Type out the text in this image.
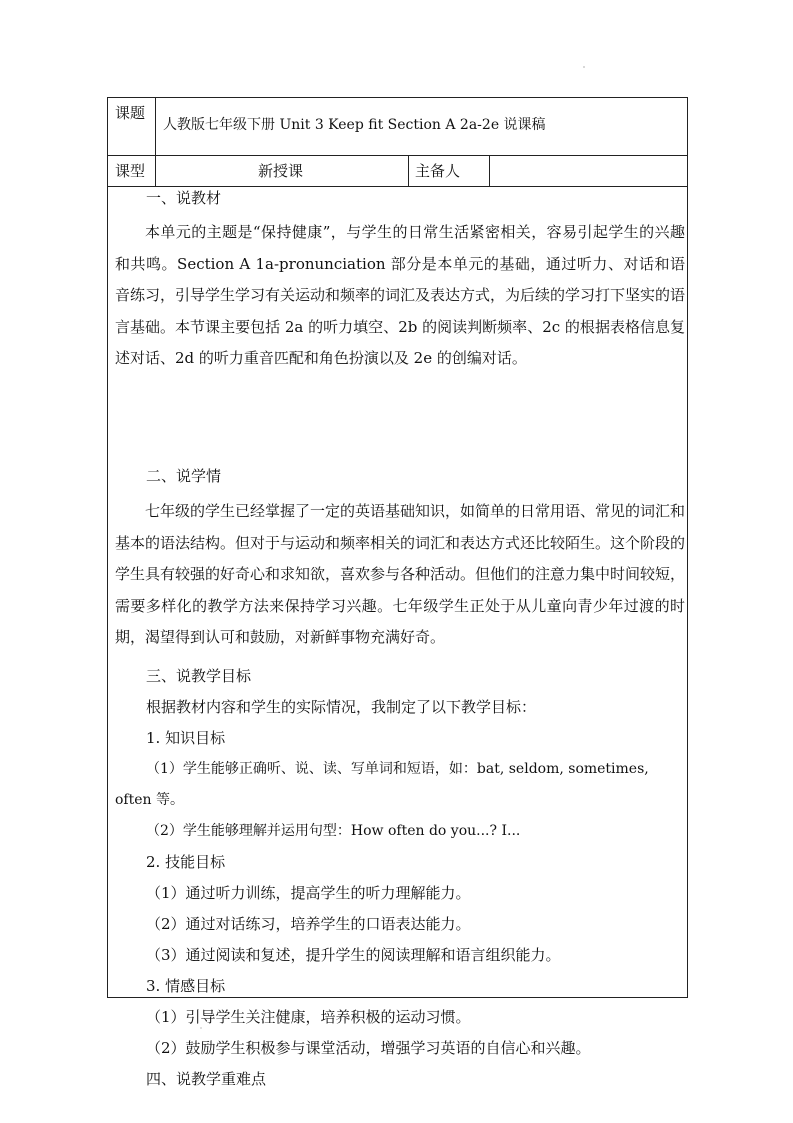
课题
人教版七年级下册 Unit 3 Keep fit Section A 2a-2e 说课稿
课型	新授课	主备人
一、说教材

本单元的主题是“保持健康”，与学生的日常生活紧密相关，容易引起学生的兴趣和共鸣。Section A 1a-pronunciation 部分是本单元的基础，通过听力、对话和语音练习，引导学生学习有关运动和频率的词汇及表达方式，为后续的学习打下坚实的语言基础。本节课主要包括 2a 的听力填空、2b 的阅读判断频率、2c 的根据表格信息复述对话、2d 的听力重音匹配和角色扮演以及 2e 的创编对话。

二、说学情

七年级的学生已经掌握了一定的英语基础知识，如简单的日常用语、常见的词汇和基本的语法结构。但对于与运动和频率相关的词汇和表达方式还比较陌生。这个阶段的学生具有较强的好奇心和求知欲，喜欢参与各种活动。但他们的注意力集中时间较短，需要多样化的教学方法来保持学习兴趣。七年级学生正处于从儿童向青少年过渡的时期，渴望得到认可和鼓励，对新鲜事物充满好奇。

三、说教学目标
根据教材内容和学生的实际情况，我制定了以下教学目标：
1. 知识目标
（1）学生能够正确听、说、读、写单词和短语，如：bat, seldom, sometimes,
often 等。
（2）学生能够理解并运用句型：How often do you...? I...
2. 技能目标
（1）通过听力训练，提高学生的听力理解能力。
（2）通过对话练习，培养学生的口语表达能力。
（3）通过阅读和复述，提升学生的阅读理解和语言组织能力。
3. 情感目标
（1）引导学生关注健康，培养积极的运动习惯。
（2）鼓励学生积极参与课堂活动，增强学习英语的自信心和兴趣。
四、说教学重难点
